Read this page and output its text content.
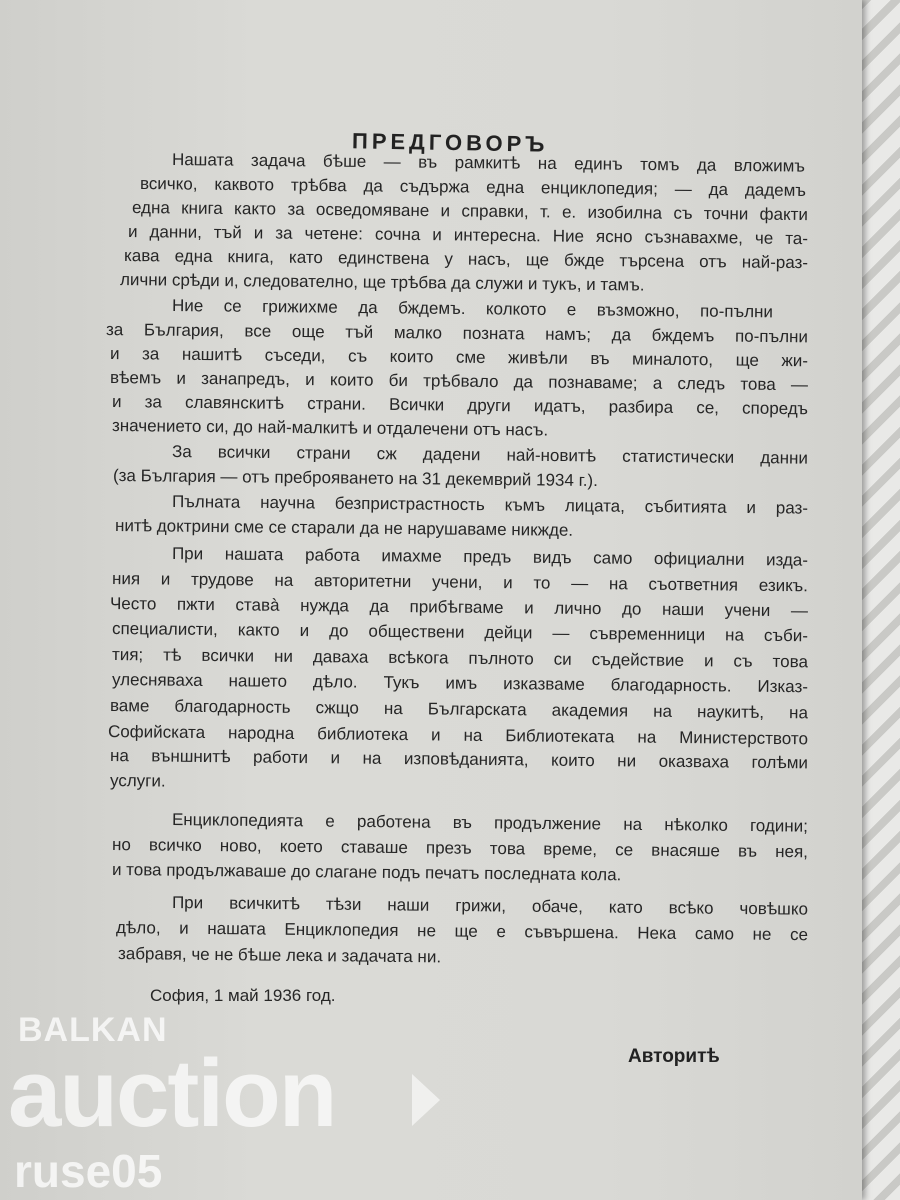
ПРЕДГОВОРЪ
Нашата задача бѣше — въ рамкитѣ на единъ томъ да вложимъ
всичко, каквото трѣбва да съдържа една енциклопедия; — да дадемъ
една книга както за осведомяване и справки, т. е. изобилна съ точни факти
и данни, тъй и за четене: сочна и интересна. Ние ясно съзнавахме, че та-
кава една книга, като единствена у насъ, ще бжде търсена отъ най-раз-
лични срѣди и, следователно, ще трѣбва да служи и тукъ, и тамъ.
Ние се грижихме да бждемъ. колкото е възможно, по-пълни
за България, все още тъй малко позната намъ; да бждемъ по-пълни
и за нашитѣ съседи, съ които сме живѣли въ миналото, ще жи-
вѣемъ и занапредъ, и които би трѣбвало да познаваме; а следъ това —
и за славянскитѣ страни. Всички други идатъ, разбира се, споредъ
значението си, до най-малкитѣ и отдалечени отъ насъ.
За всички страни сж дадени най-новитѣ статистически данни
(за България — отъ преброяването на 31 декемврий 1934 г.).
Пълната научна безпристрастность къмъ лицата, събитията и раз-
нитѣ доктрини сме се старали да не нарушаваме никжде.
При нашата работа имахме предъ видъ само официални изда-
ния и трудове на авторитетни учени, и то — на съответния езикъ.
Често пжти ставà нужда да прибѣгваме и лично до наши учени —
специалисти, както и до обществени дейци — съвременници на съби-
тия; тѣ всички ни даваха всѣкога пълното си съдействие и съ това
улесняваха нашето дѣло. Тукъ имъ изказваме благодарность. Изказ-
ваме благодарность сжщо на Българската академия на наукитѣ, на
Софийската народна библиотека и на Библиотеката на Министерството
на външнитѣ работи и на изповѣданията, които ни оказваха голѣми
услуги.
Енциклопедията е работена въ продължение на нѣколко години;
но всичко ново, което ставаше презъ това време, се внасяше въ нея,
и това продължаваше до слагане подъ печатъ последната кола.
При всичкитѣ тѣзи наши грижи, обаче, като всѣко човѣшко
дѣло, и нашата Енциклопедия не ще е съвършена. Нека само не се
забравя, че не бѣше лека и задачата ни.
София, 1 май 1936 год.
Авторитѣ
BALKAN
auction
ruse05
